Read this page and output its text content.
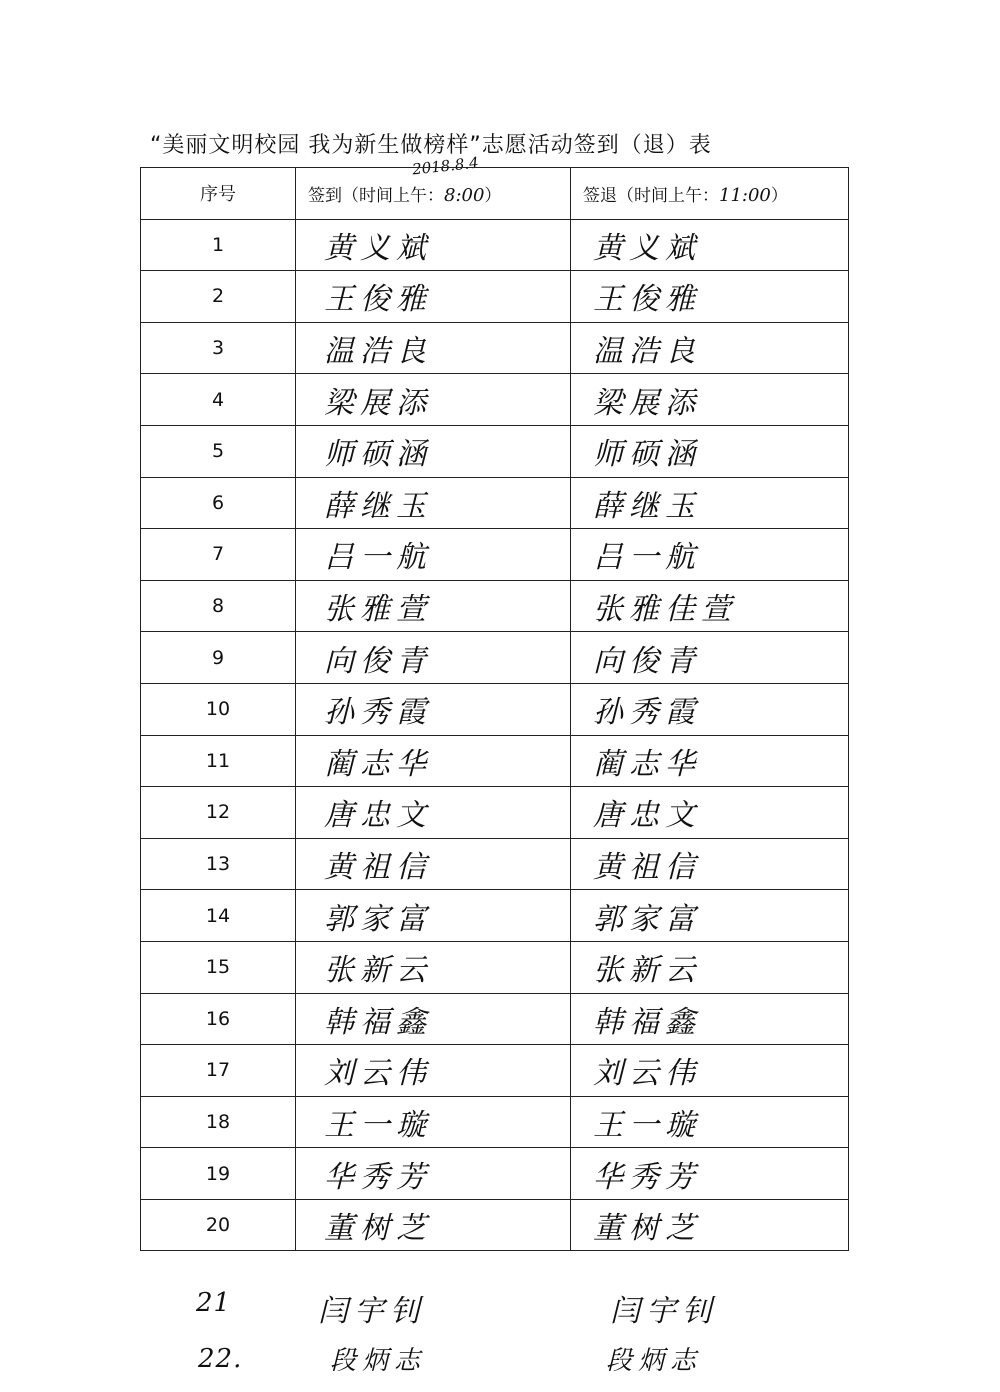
“美丽文明校园 我为新生做榜样”志愿活动签到（退）表
2018.8.4
序号	签到（时间上午：8:00）	签退（时间上午：11:00）
1	黄义斌	黄义斌

2	王俊雅	王俊雅

3	温浩良	温浩良

4	梁展添	梁展添

5	师硕涵	师硕涵

6	薛继玉	薛继玉

7	吕一航	吕一航

8	张雅萱	张雅佳萱

9	向俊青	向俊青

10	孙秀霞	孙秀霞

11	蔺志华	蔺志华

12	唐忠文	唐忠文

13	黄祖信	黄祖信

14	郭家富	郭家富

15	张新云	张新云

16	韩福鑫	韩福鑫

17	刘云伟	刘云伟

18	王一璇	王一璇

19	华秀芳	华秀芳

20	董树芝	董树芝
21	闫宇钊	闫宇钊
22.	段炳志	段炳志
